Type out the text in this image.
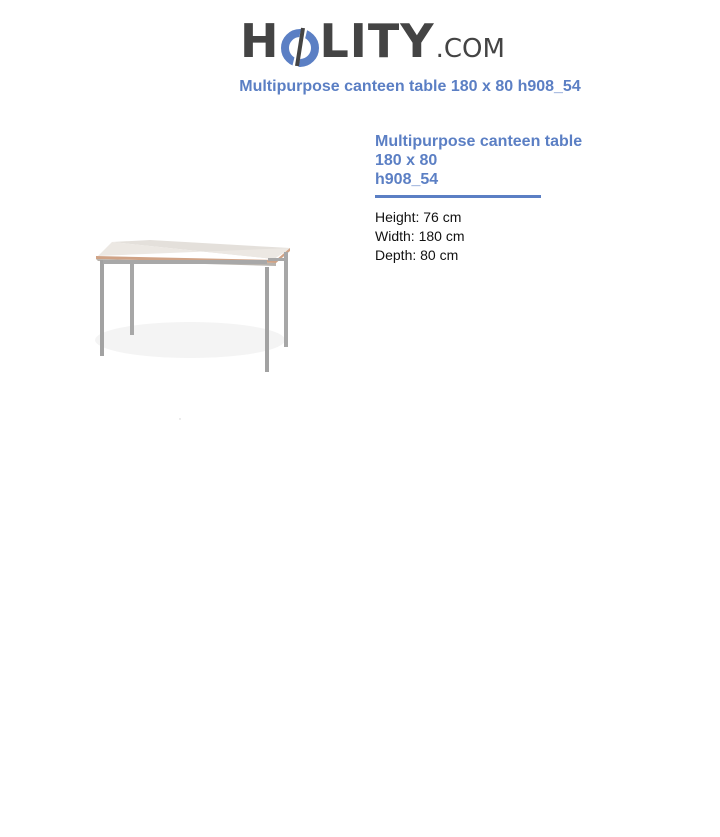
H LITY .COM
Multipurpose canteen table 180 x 80 h908_54
Multipurpose canteen table
180 x 80
h908_54
Height: 76 cm
Width: 180 cm
Depth: 80 cm
